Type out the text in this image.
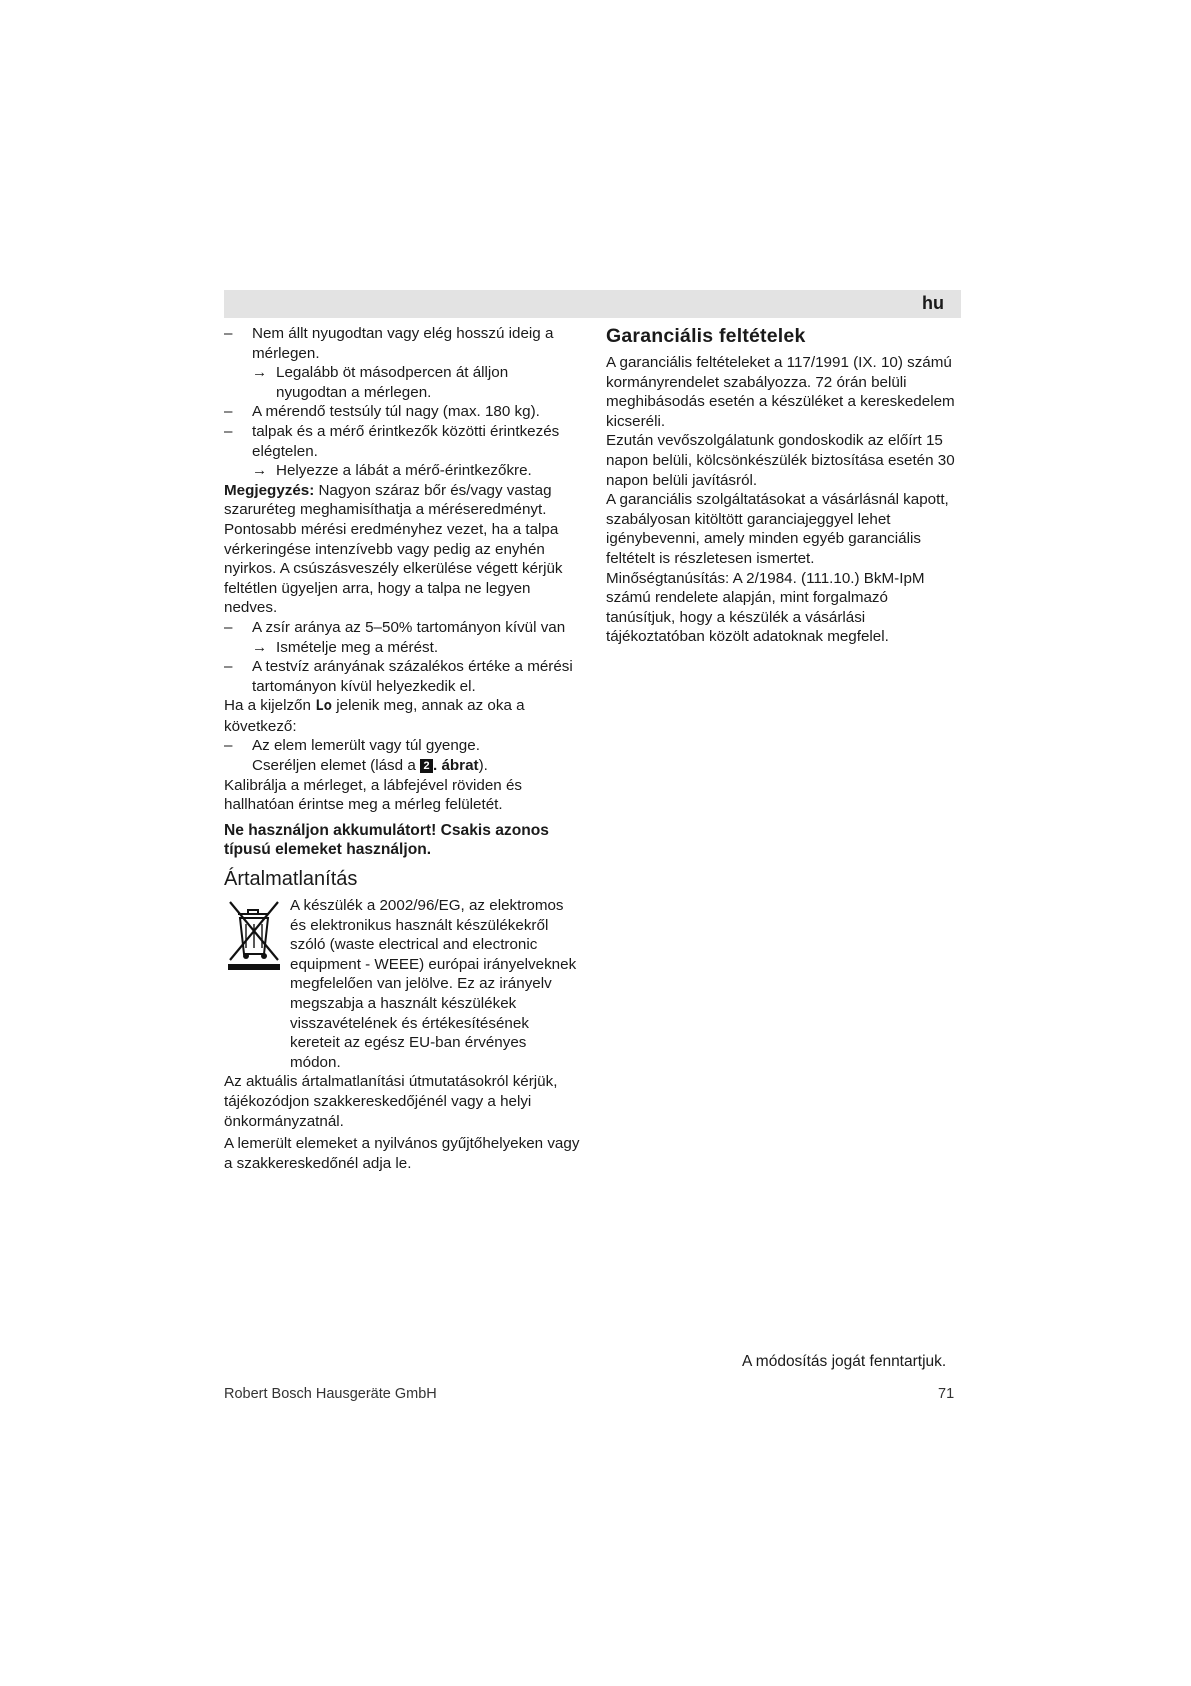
hu

– Nem állt nyugodtan vagy elég hosszú ideig a mérlegen.

→ Legalább öt másodpercen át álljon nyugodtan a mérlegen.

– A mérendő testsúly túl nagy (max. 180 kg).

– talpak és a mérő érintkezők közötti érintkezés elégtelen.

→ Helyezze a lábát a mérő-érintkezőkre.

Megjegyzés: Nagyon száraz bőr és/vagy vastag szaruréteg meghamisíthatja a méréseredményt. Pontosabb mérési eredményhez vezet, ha a talpa vérkeringése intenzívebb vagy pedig az enyhén nyirkos. A csúszásveszély elkerülése végett kérjük feltétlen ügyeljen arra, hogy a talpa ne legyen nedves.

– A zsír aránya az 5–50% tartományon kívül van

→ Ismételje meg a mérést.

– A testvíz arányának százalékos értéke a mérési tartományon kívül helyezkedik el.

Ha a kijelzőn Lo jelenik meg, annak az oka a következő:

– Az elem lemerült vagy túl gyenge.

Cseréljen elemet (lásd a 2 . ábrat).

Kalibrálja a mérleget, a lábfejével röviden és hallhatóan érintse meg a mérleg felületét.

Ne használjon akkumulátort! Csakis azonos típusú elemeket használjon.

Ártalmatlanítás

A készülék a 2002/96/EG, az elektromos és elektronikus használt készülékekről szóló (waste electrical and electronic equipment - WEEE) európai irányelveknek megfelelően van jelölve. Ez az irányelv megszabja a használt készülékek visszavételének és értékesítésének kereteit az egész EU-ban érvényes módon.

Az aktuális ártalmatlanítási útmutatásokról kérjük, tájékozódjon szakkereskedőjénél vagy a helyi önkormányzatnál.

A lemerült elemeket a nyilvános gyűjtőhelyeken vagy a szakkereskedőnél adja le.

Garanciális feltételek

A garanciális feltételeket a 117/1991 (IX. 10) számú kormányrendelet szabályozza. 72 órán belüli meghibásodás esetén a készüléket a kereskedelem kicseréli.

Ezután vevőszolgálatunk gondoskodik az előírt 15 napon belüli, kölcsönkészülék biztosítása esetén 30 napon belüli javításról.

A garanciális szolgáltatásokat a vásárlásnál kapott, szabályosan kitöltött garanciajeggyel lehet igénybevenni, amely minden egyéb garanciális feltételt is részletesen ismertet.

Minőségtanúsítás: A 2/1984. (111.10.) BkM-IpM számú rendelete alapján, mint forgalmazó tanúsítjuk, hogy a készülék a vásárlási tájékoztatóban közölt adatoknak megfelel.

A módosítás jogát fenntartjuk.
Robert Bosch Hausgeräte GmbH	71
